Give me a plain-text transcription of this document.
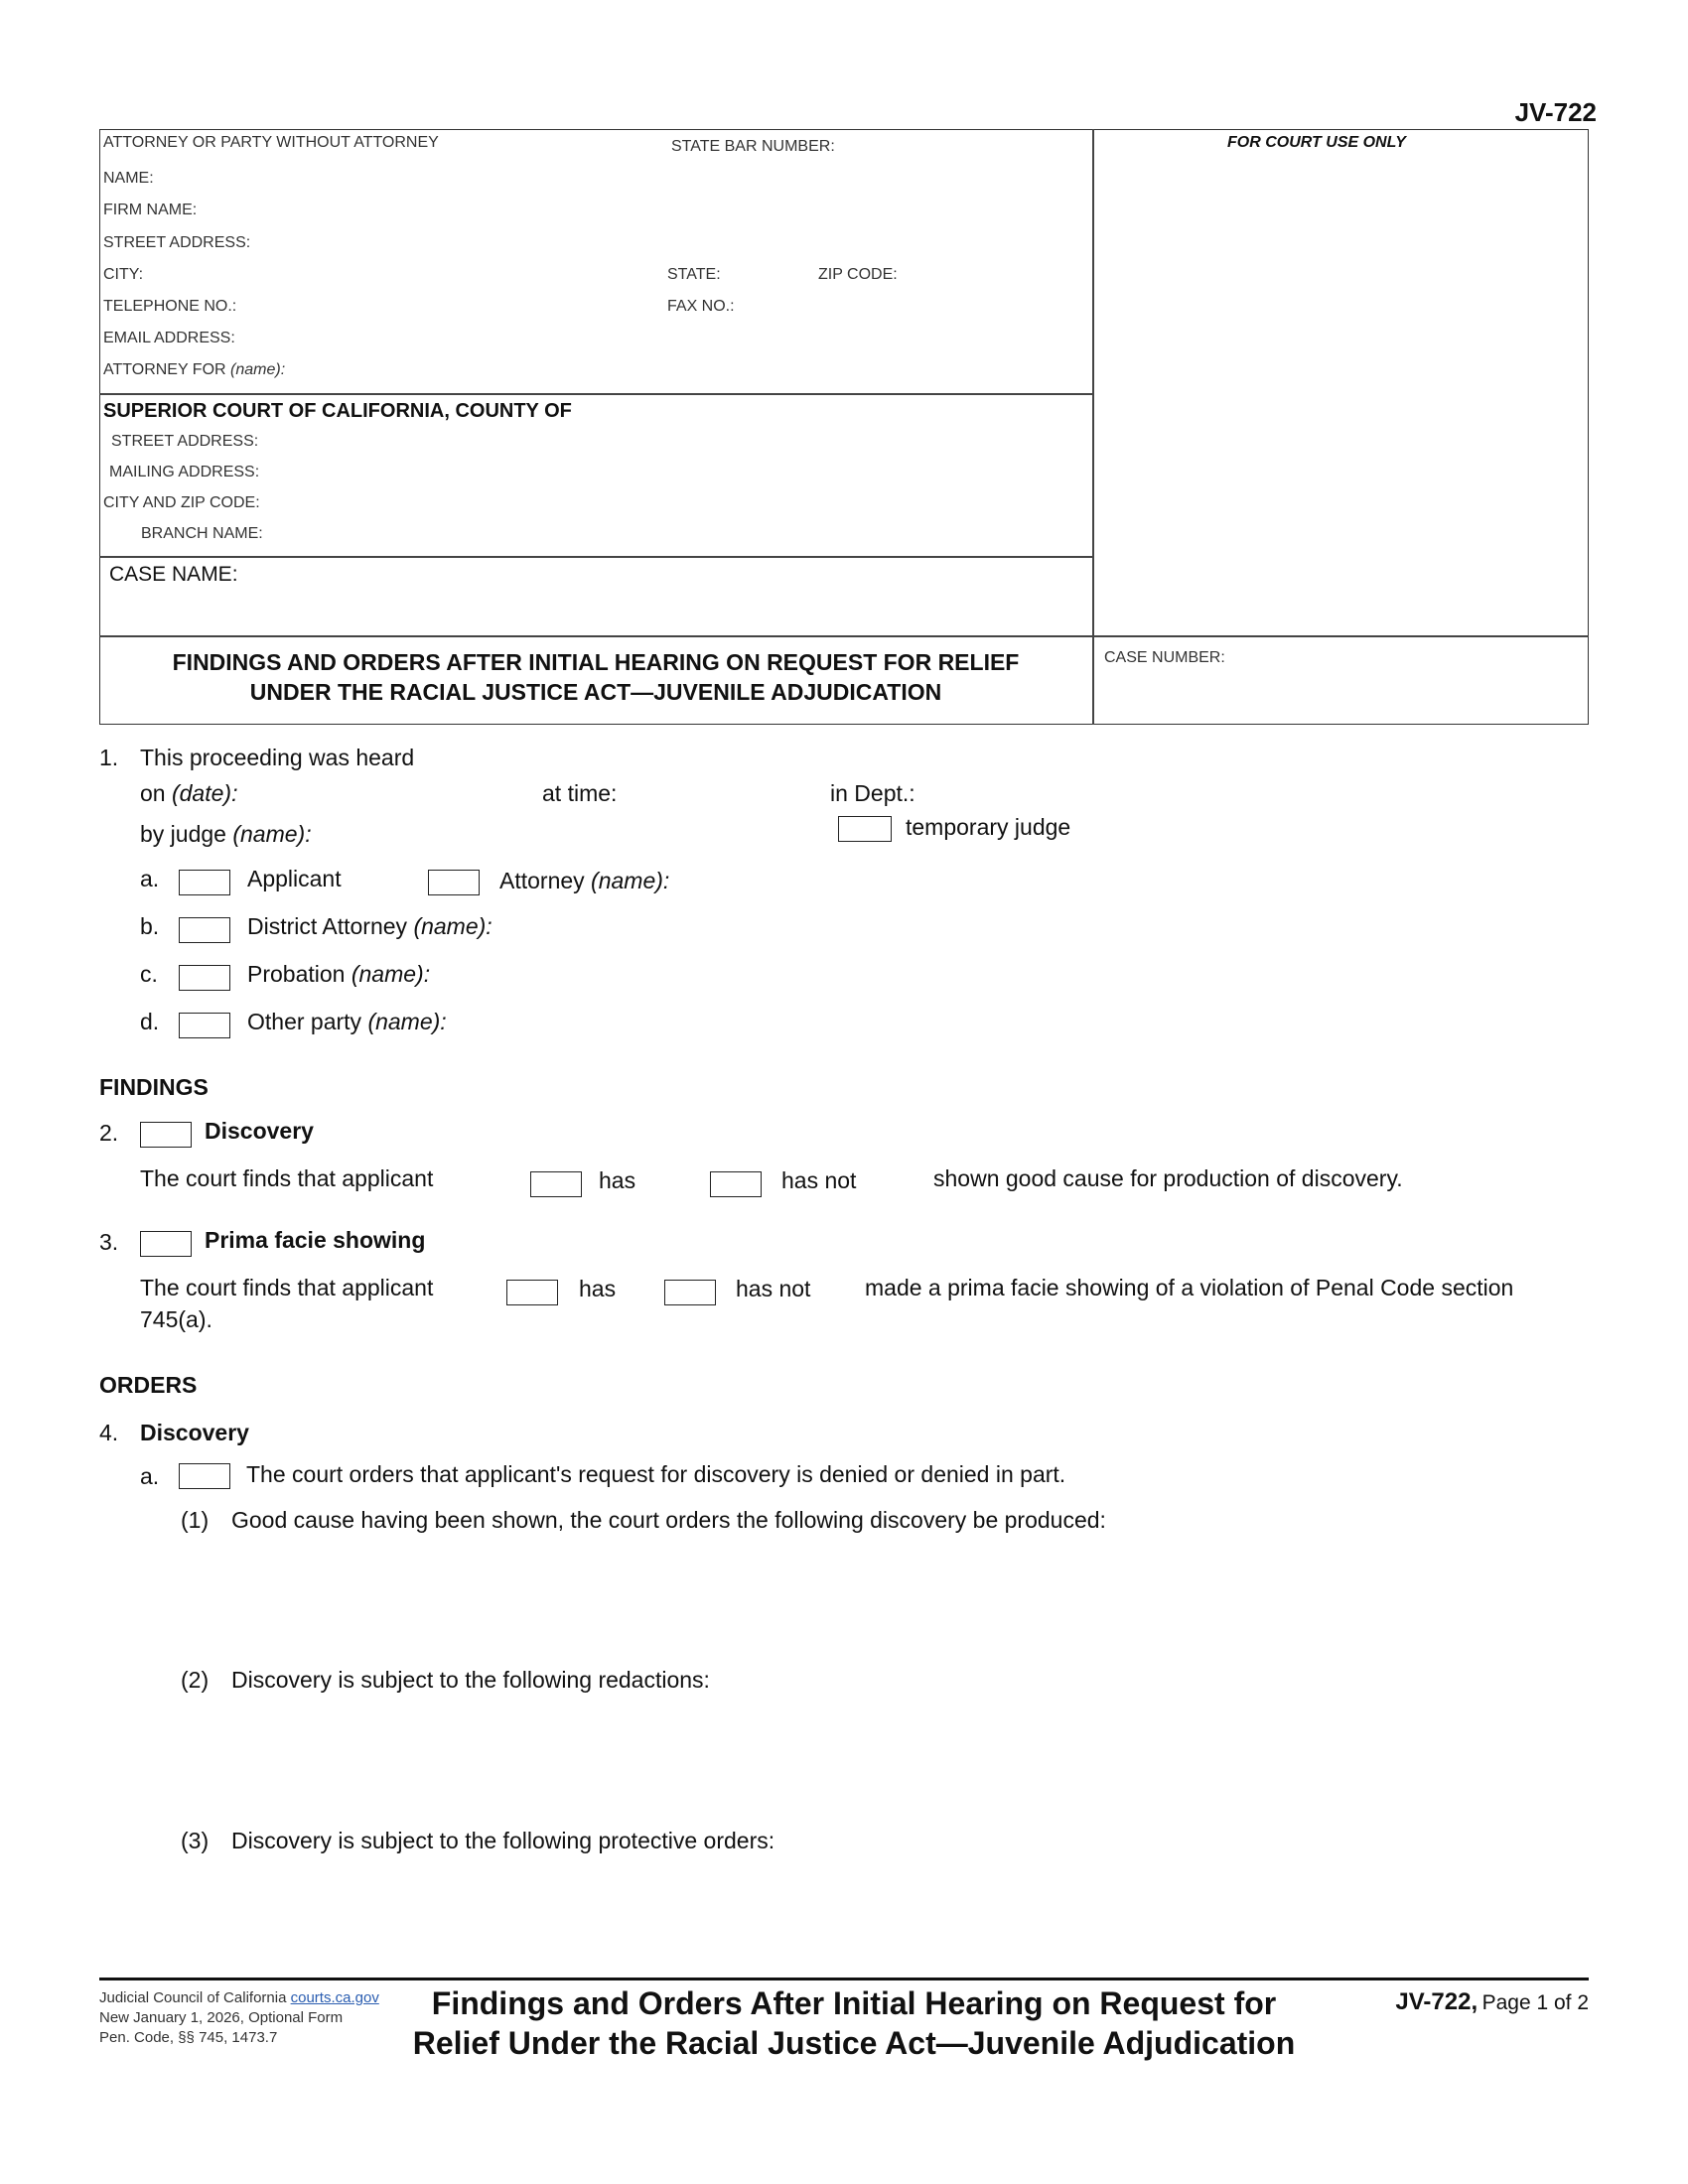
JV-722
ATTORNEY OR PARTY WITHOUT ATTORNEY	STATE BAR NUMBER:
NAME:
FIRM NAME:
STREET ADDRESS:
CITY:	STATE:	ZIP CODE:
TELEPHONE NO.:	FAX NO.:
EMAIL ADDRESS:
ATTORNEY FOR (name):
FOR COURT USE ONLY
SUPERIOR COURT OF CALIFORNIA, COUNTY OF
STREET ADDRESS:
MAILING ADDRESS:
CITY AND ZIP CODE:
BRANCH NAME:
CASE NAME:
FINDINGS AND ORDERS AFTER INITIAL HEARING ON REQUEST FOR RELIEF
UNDER THE RACIAL JUSTICE ACT—JUVENILE ADJUDICATION
CASE NUMBER:
1. This proceeding was heard
on (date):	at time:	in Dept.:
by judge (name):	temporary judge
a.	Applicant	Attorney (name):
b.	District Attorney (name):
c.	Probation (name):
d.	Other party (name):
FINDINGS
2.	Discovery
The court finds that applicant	has	has not	shown good cause for production of discovery.
3.	Prima facie showing
The court finds that applicant	has	has not made a prima facie showing of a violation of Penal Code section
745(a).
ORDERS
4. Discovery
a.	The court orders that applicant's request for discovery is denied or denied in part.
(1) Good cause having been shown, the court orders the following discovery be produced:
(2) Discovery is subject to the following redactions:
(3) Discovery is subject to the following protective orders:
Judicial Council of California courts.ca.gov
New January 1, 2026, Optional Form
Pen. Code, §§ 745, 1473.7
Findings and Orders After Initial Hearing on Request for
Relief Under the Racial Justice Act—Juvenile Adjudication
JV-722, Page 1 of 2
